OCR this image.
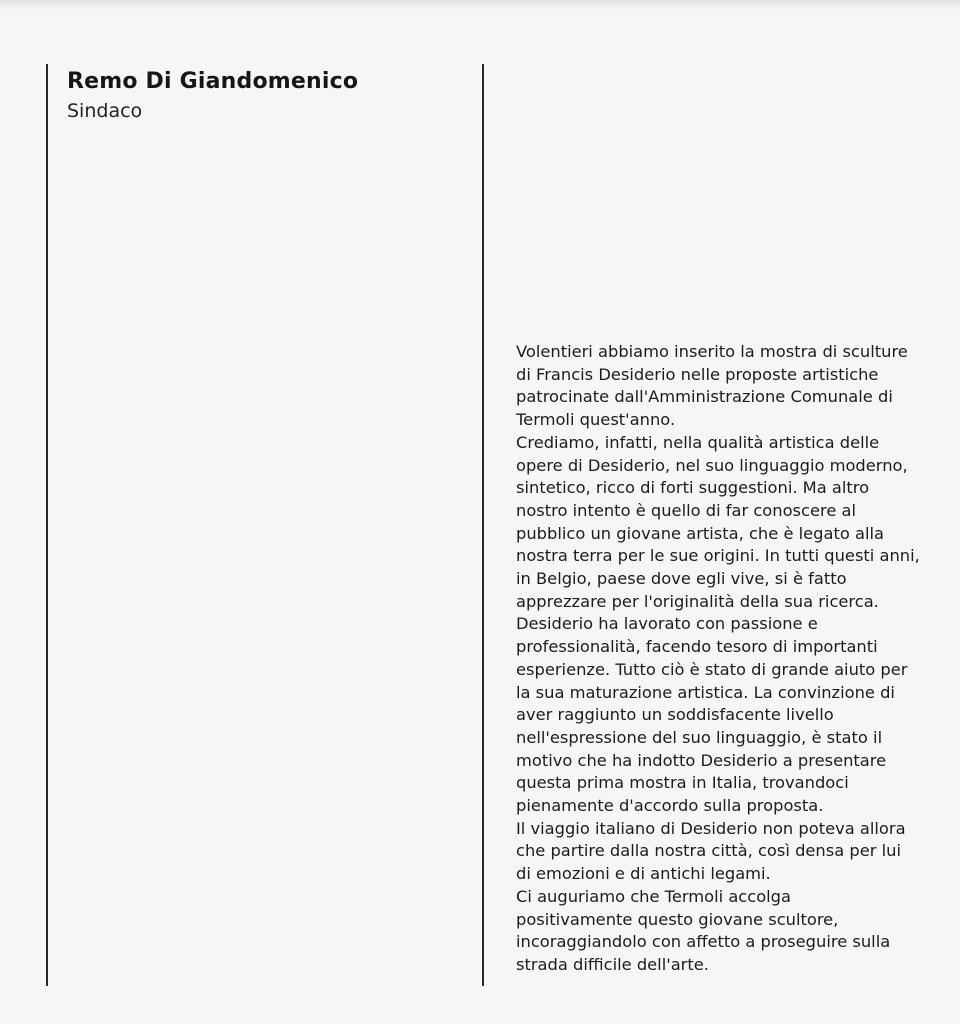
Remo Di Giandomenico
Sindaco
Volentieri abbiamo inserito la mostra di sculture
di Francis Desiderio nelle proposte artistiche
patrocinate dall'Amministrazione Comunale di
Termoli quest'anno.
Crediamo, infatti, nella qualità artistica delle
opere di Desiderio, nel suo linguaggio moderno,
sintetico, ricco di forti suggestioni. Ma altro
nostro intento è quello di far conoscere al
pubblico un giovane artista, che è legato alla
nostra terra per le sue origini. In tutti questi anni,
in Belgio, paese dove egli vive, si è fatto
apprezzare per l'originalità della sua ricerca.
Desiderio ha lavorato con passione e
professionalità, facendo tesoro di importanti
esperienze. Tutto ciò è stato di grande aiuto per
la sua maturazione artistica. La convinzione di
aver raggiunto un soddisfacente livello
nell'espressione del suo linguaggio, è stato il
motivo che ha indotto Desiderio a presentare
questa prima mostra in Italia, trovandoci
pienamente d'accordo sulla proposta.
Il viaggio italiano di Desiderio non poteva allora
che partire dalla nostra città, così densa per lui
di emozioni e di antichi legami.
Ci auguriamo che Termoli accolga
positivamente questo giovane scultore,
incoraggiandolo con affetto a proseguire sulla
strada difficile dell'arte.
